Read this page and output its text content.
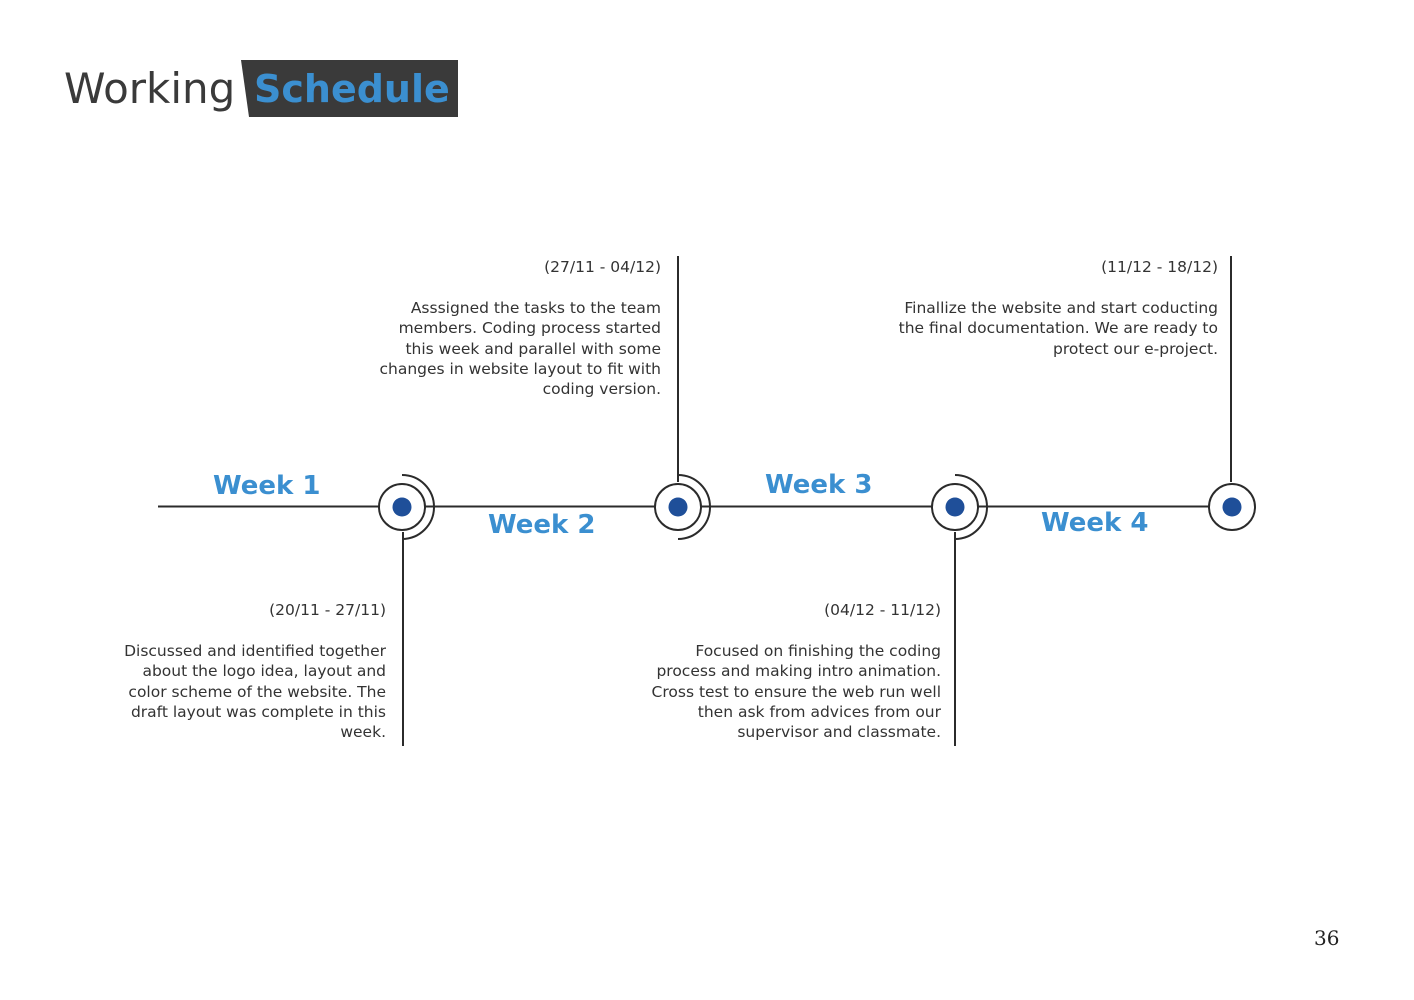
Working Schedule
Week 1
Week 2
Week 3
Week 4
(20/11 - 27/11)
Discussed and identified together about the logo idea, layout and color scheme of the website. The draft layout was complete in this week.
(27/11 - 04/12)
Asssigned the tasks to the team members. Coding process started this week and parallel with some changes in website layout to fit with coding version.
(04/12 - 11/12)
Focused on finishing the coding process and making intro animation. Cross test to ensure the web run well then ask from advices from our supervisor and classmate.
(11/12 - 18/12)
Finallize the website and start coducting the final documentation. We are ready to protect our e-project.
36
